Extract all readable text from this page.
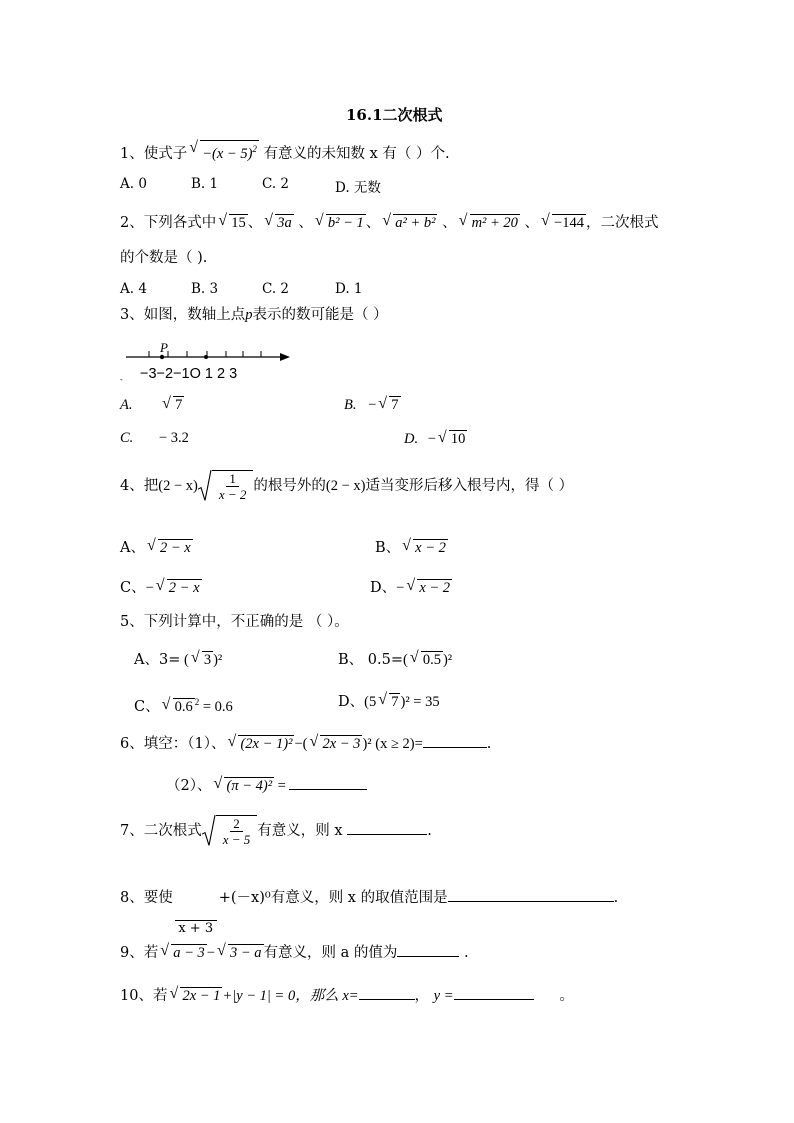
16.1二次根式
1、使式子 √ $-(x - 5)^2$ 有意义的未知数 x 有（ ）个.
A. 0	B. 1	C. 2	D. 无数
2、下列各式中 √ 15 、 √ 3a 、 √ b² − 1 、 √ a² + b² 、 √ m² + 20 、 √ −144 ，二次根式
的个数是（ ).
A. 4	B. 3	C. 2	D. 1
3、如图，数轴上点p表示的数可能是（ ）
P
−3−2−1O 1 2 3
-
A.	√ 7	B. − √ 7
C. − 3.2	D. − √ 10
4、把$(2 - x) \frac{1}{x - 2}$ 的根号外的(2 − x)适当变形后移入根号内，得（ ）
A、 √ 2 − x	B、 √ x − 2
C、− √ 2 − x	D、− √ x − 2
5、下列计算中，不正确的是 （ ）。
A、3= ( √ 3 )²	B、 0.5=( √ 0.5 )²
C、 √ 0.6 $^2$ = 0.6	D、(5 √ 7 )² = 35
6、填空：（1）、 √ (2x − 1)² −( √ 2x − 3 )² (x ≥ 2)=	.
（2）、 √ (π − 4)² =
7、二次根式 $\frac{2}{x - 5}$ 有意义，则 x	.
8、要使

x + 3
+(－x)⁰有意义，则 x 的取值范围是	.
9、若 √ a − 3 − √ 3 − a 有意义，则 a 的值为	.
10、若 √ 2x − 1 +|y − 1| = 0，那么 x=	， y =	。
